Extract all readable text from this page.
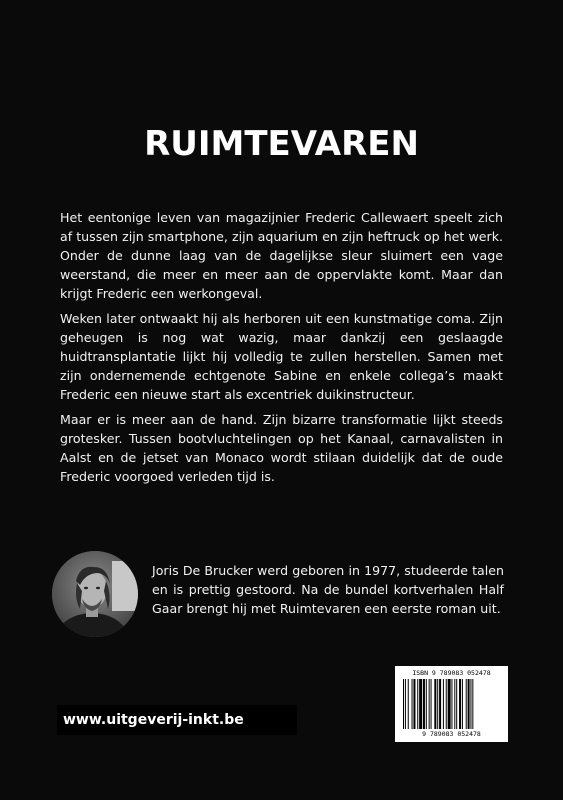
RUIMTEVAREN

Het eentonige leven van magazijnier Frederic Callewaert speelt zich af tussen zijn smartphone, zijn aquarium en zijn heftruck op het werk. Onder de dunne laag van de dagelijkse sleur sluimert een vage weerstand, die meer en meer aan de oppervlakte komt. Maar dan krijgt Frederic een werkongeval.

Weken later ontwaakt hij als herboren uit een kunstmatige coma. Zijn geheugen is nog wat wazig, maar dankzij een geslaagde huidtransplantatie lijkt hij volledig te zullen herstellen. Samen met zijn ondernemende echtgenote Sabine en enkele collega’s maakt Frederic een nieuwe start als excentriek duikinstructeur.

Maar er is meer aan de hand. Zijn bizarre transformatie lijkt steeds grotesker. Tussen bootvluchtelingen op het Kanaal, carnavalisten in Aalst en de jetset van Monaco wordt stilaan duidelijk dat de oude Frederic voorgoed verleden tijd is.

Joris De Brucker werd geboren in 1977, studeerde talen en is prettig gestoord. Na de bundel kortverhalen Half Gaar brengt hij met Ruimtevaren een eerste roman uit.

ISBN 9 789083 052478
9 789083 052478
www.uitgeverij-inkt.be
